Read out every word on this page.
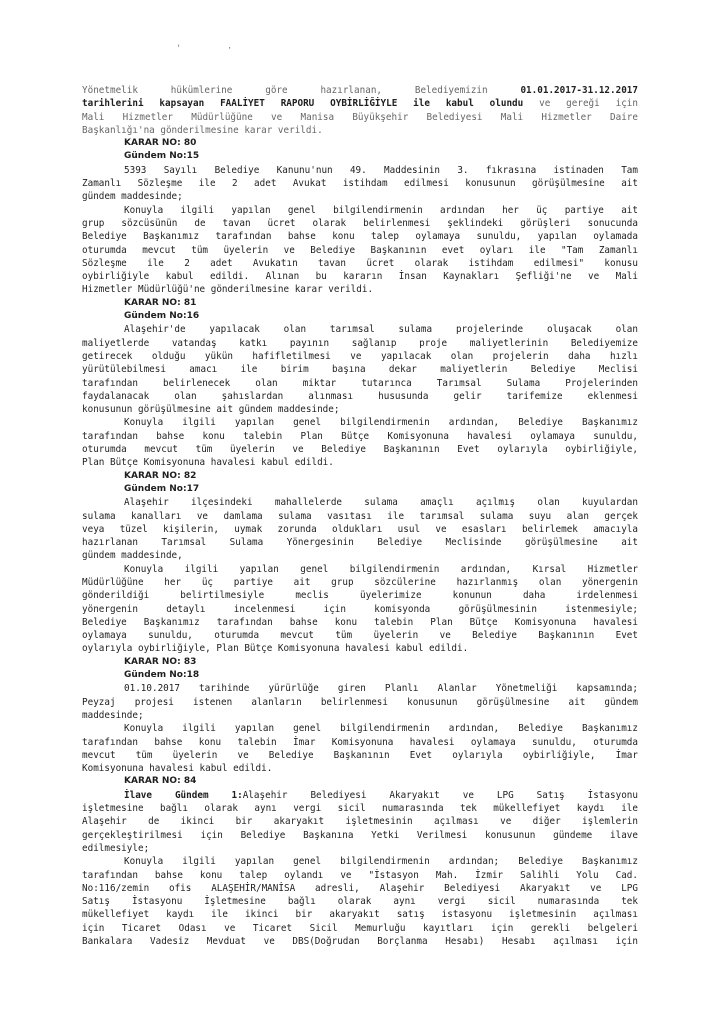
' ·
Yönetmelik hükümlerine göre hazırlanan, Belediyemizin 01.01.2017-31.12.2017
tarihlerini kapsayan FAALİYET RAPORU OYBİRLİĞİYLE ile kabul olundu ve gereği için
Mali Hizmetler Müdürlüğüne ve Manisa Büyükşehir Belediyesi Mali Hizmetler Daire
Başkanlığı'na gönderilmesine karar verildi.
KARAR NO: 80
Gündem No:15
5393 Sayılı Belediye Kanunu'nun 49. Maddesinin 3. fıkrasına istinaden Tam
Zamanlı Sözleşme ile 2 adet Avukat istihdam edilmesi konusunun görüşülmesine ait
gündem maddesinde;
Konuyla ilgili yapılan genel bilgilendirmenin ardından her üç partiye ait
grup sözcüsünün de tavan ücret olarak belirlenmesi şeklindeki görüşleri sonucunda
Belediye Başkanımız tarafından bahse konu talep oylamaya sunuldu, yapılan oylamada
oturumda mevcut tüm üyelerin ve Belediye Başkanının evet oyları ile "Tam Zamanlı
Sözleşme ile 2 adet Avukatın tavan ücret olarak istihdam edilmesi" konusu
oybirliğiyle kabul edildi. Alınan bu kararın İnsan Kaynakları Şefliği'ne ve Mali
Hizmetler Müdürlüğü'ne gönderilmesine karar verildi.
KARAR NO: 81
Gündem No:16
Alaşehir'de yapılacak olan tarımsal sulama projelerinde oluşacak olan
maliyetlerde vatandaş katkı payının sağlanıp proje maliyetlerinin Belediyemize
getirecek olduğu yükün hafifletilmesi ve yapılacak olan projelerin daha hızlı
yürütülebilmesi amacı ile birim başına dekar maliyetlerin Belediye Meclisi
tarafından belirlenecek olan miktar tutarınca Tarımsal Sulama Projelerinden
faydalanacak olan şahıslardan alınması hususunda gelir tarifemize eklenmesi
konusunun görüşülmesine ait gündem maddesinde;
Konuyla ilgili yapılan genel bilgilendirmenin ardından, Belediye Başkanımız
tarafından bahse konu talebin Plan Bütçe Komisyonuna havalesi oylamaya sunuldu,
oturumda mevcut tüm üyelerin ve Belediye Başkanının Evet oylarıyla oybirliğiyle,
Plan Bütçe Komisyonuna havalesi kabul edildi.
KARAR NO: 82
Gündem No:17
Alaşehir ilçesindeki mahallelerde sulama amaçlı açılmış olan kuyulardan
sulama kanalları ve damlama sulama vasıtası ile tarımsal sulama suyu alan gerçek
veya tüzel kişilerin, uymak zorunda oldukları usul ve esasları belirlemek amacıyla
hazırlanan Tarımsal Sulama Yönergesinin Belediye Meclisinde görüşülmesine ait
gündem maddesinde,
Konuyla ilgili yapılan genel bilgilendirmenin ardından, Kırsal Hizmetler
Müdürlüğüne her üç partiye ait grup sözcülerine hazırlanmış olan yönergenin
gönderildiği belirtilmesiyle meclis üyelerimize konunun daha irdelenmesi
yönergenin detaylı incelenmesi için komisyonda görüşülmesinin istenmesiyle;
Belediye Başkanımız tarafından bahse konu talebin Plan Bütçe Komisyonuna havalesi
oylamaya sunuldu, oturumda mevcut tüm üyelerin ve Belediye Başkanının Evet
oylarıyla oybirliğiyle, Plan Bütçe Komisyonuna havalesi kabul edildi.
KARAR NO: 83
Gündem No:18
01.10.2017 tarihinde yürürlüğe giren Planlı Alanlar Yönetmeliği kapsamında;
Peyzaj projesi istenen alanların belirlenmesi konusunun görüşülmesine ait gündem
maddesinde;
Konuyla ilgili yapılan genel bilgilendirmenin ardından, Belediye Başkanımız
tarafından bahse konu talebin İmar Komisyonuna havalesi oylamaya sunuldu, oturumda
mevcut tüm üyelerin ve Belediye Başkanının Evet oylarıyla oybirliğiyle, İmar
Komisyonuna havalesi kabul edildi.
KARAR NO: 84
İlave Gündem 1:Alaşehir Belediyesi Akaryakıt ve LPG Satış İstasyonu
işletmesine bağlı olarak aynı vergi sicil numarasında tek mükellefiyet kaydı ile
Alaşehir de ikinci bir akaryakıt işletmesinin açılması ve diğer işlemlerin
gerçekleştirilmesi için Belediye Başkanına Yetki Verilmesi konusunun gündeme ilave
edilmesiyle;
Konuyla ilgili yapılan genel bilgilendirmenin ardından; Belediye Başkanımız
tarafından bahse konu talep oylandı ve "İstasyon Mah. İzmir Salihli Yolu Cad.
No:116/zemin ofis ALAŞEHİR/MANİSA adresli, Alaşehir Belediyesi Akaryakıt ve LPG
Satış İstasyonu İşletmesine bağlı olarak aynı vergi sicil numarasında tek
mükellefiyet kaydı ile ikinci bir akaryakıt satış istasyonu işletmesinin açılması
için Ticaret Odası ve Ticaret Sicil Memurluğu kayıtları için gerekli belgeleri
Bankalara Vadesiz Mevduat ve DBS(Doğrudan Borçlanma Hesabı) Hesabı açılması için
